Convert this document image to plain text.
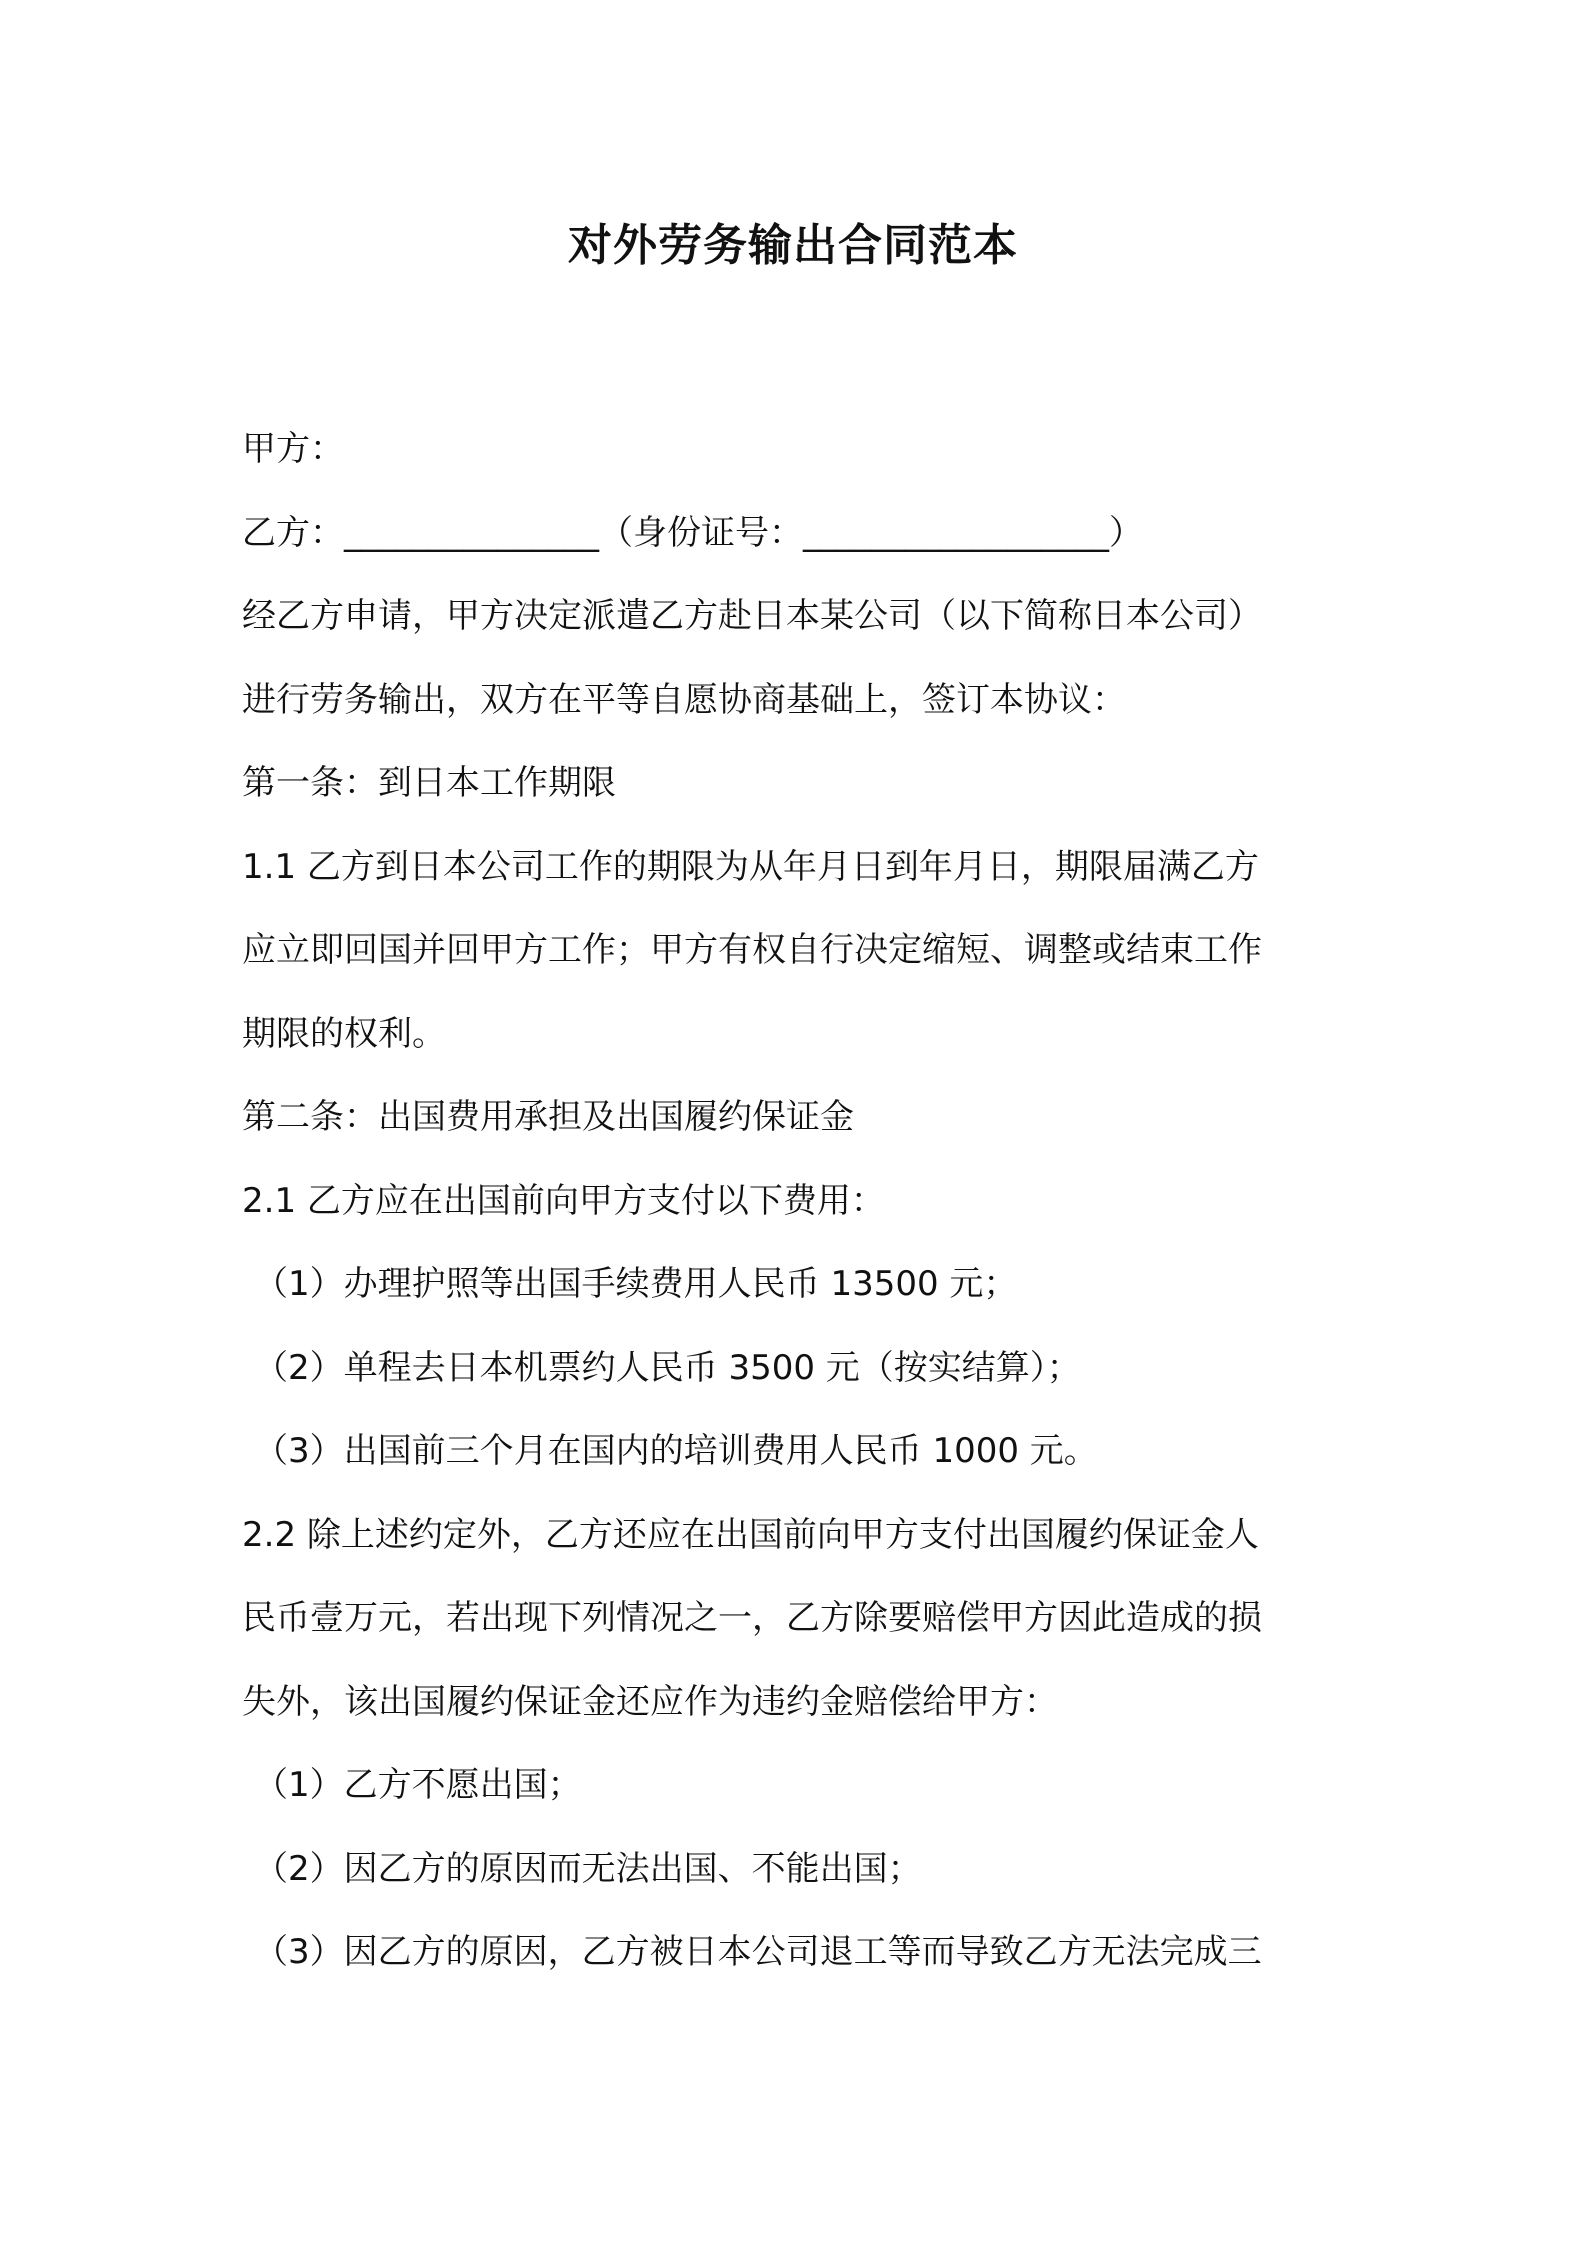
对外劳务输出合同范本
甲方：
乙方：_______________（身份证号：__________________）
经乙方申请，甲方决定派遣乙方赴日本某公司（以下简称日本公司）
进行劳务输出，双方在平等自愿协商基础上，签订本协议：
第一条：到日本工作期限
1.1 乙方到日本公司工作的期限为从年月日到年月日，期限届满乙方
应立即回国并回甲方工作；甲方有权自行决定缩短、调整或结束工作
期限的权利。
第二条：出国费用承担及出国履约保证金
2.1 乙方应在出国前向甲方支付以下费用：
（1）办理护照等出国手续费用人民币 13500 元；
（2）单程去日本机票约人民币 3500 元（按实结算）；
（3）出国前三个月在国内的培训费用人民币 1000 元。
2.2 除上述约定外，乙方还应在出国前向甲方支付出国履约保证金人
民币壹万元，若出现下列情况之一，乙方除要赔偿甲方因此造成的损
失外，该出国履约保证金还应作为违约金赔偿给甲方：
（1）乙方不愿出国；
（2）因乙方的原因而无法出国、不能出国；
（3）因乙方的原因，乙方被日本公司退工等而导致乙方无法完成三
